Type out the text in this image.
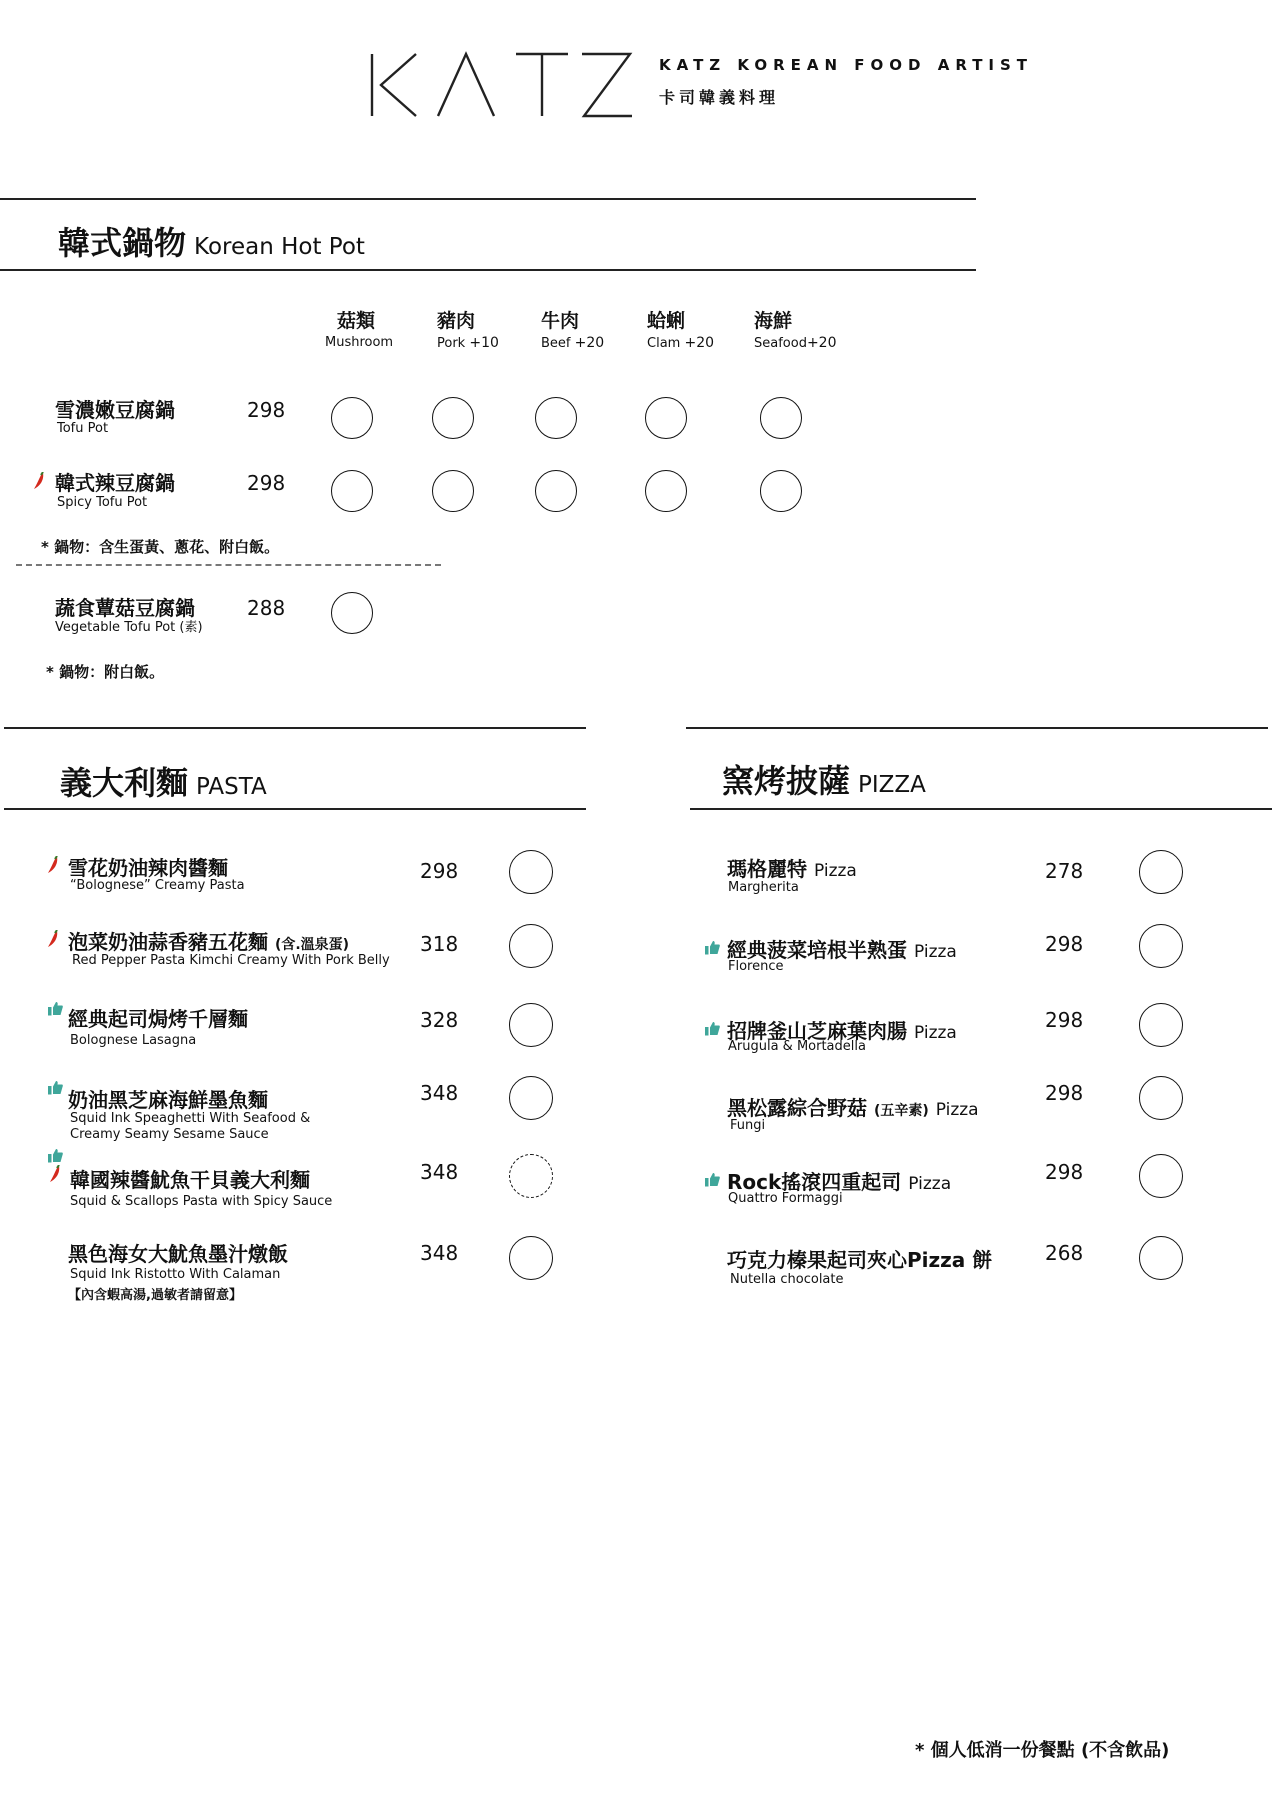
KATZ KOREAN FOOD ARTIST
卡司韓義料理
韓式鍋物 Korean Hot Pot
菇類
Mushroom
豬肉
Pork +10
牛肉
Beef +20
蛤蜊
Clam +20
海鮮
Seafood+20
雪濃嫩豆腐鍋
Tofu Pot
298
韓式辣豆腐鍋
Spicy Tofu Pot
298
* 鍋物：含生蛋黃、蔥花、附白飯。
蔬食蕈菇豆腐鍋
Vegetable Tofu Pot (素)
288
* 鍋物：附白飯。
義大利麵 PASTA
雪花奶油辣肉醬麵
“Bolognese” Creamy Pasta
298
泡菜奶油蒜香豬五花麵 (含.溫泉蛋)
Red Pepper Pasta Kimchi Creamy With Pork Belly
318
經典起司焗烤千層麵
Bolognese Lasagna
328
奶油黑芝麻海鮮墨魚麵
Squid Ink Speaghetti With Seafood &
Creamy Seamy Sesame Sauce
348
韓國辣醬魷魚干貝義大利麵
Squid & Scallops Pasta with Spicy Sauce
348
黑色海女大魷魚墨汁燉飯
Squid Ink Ristotto With Calaman
【內含蝦高湯,過敏者請留意】
348
窯烤披薩 PIZZA
瑪格麗特 Pizza
Margherita
278
經典菠菜培根半熟蛋 Pizza
Florence
298
招牌釜山芝麻葉肉腸 Pizza
Arugula & Mortadella
298
黑松露綜合野菇 (五辛素) Pizza
Fungi
298
Rock搖滾四重起司 Pizza
Quattro Formaggi
298
巧克力榛果起司夾心Pizza 餅
Nutella chocolate
268
* 個人低消一份餐點 (不含飲品)
